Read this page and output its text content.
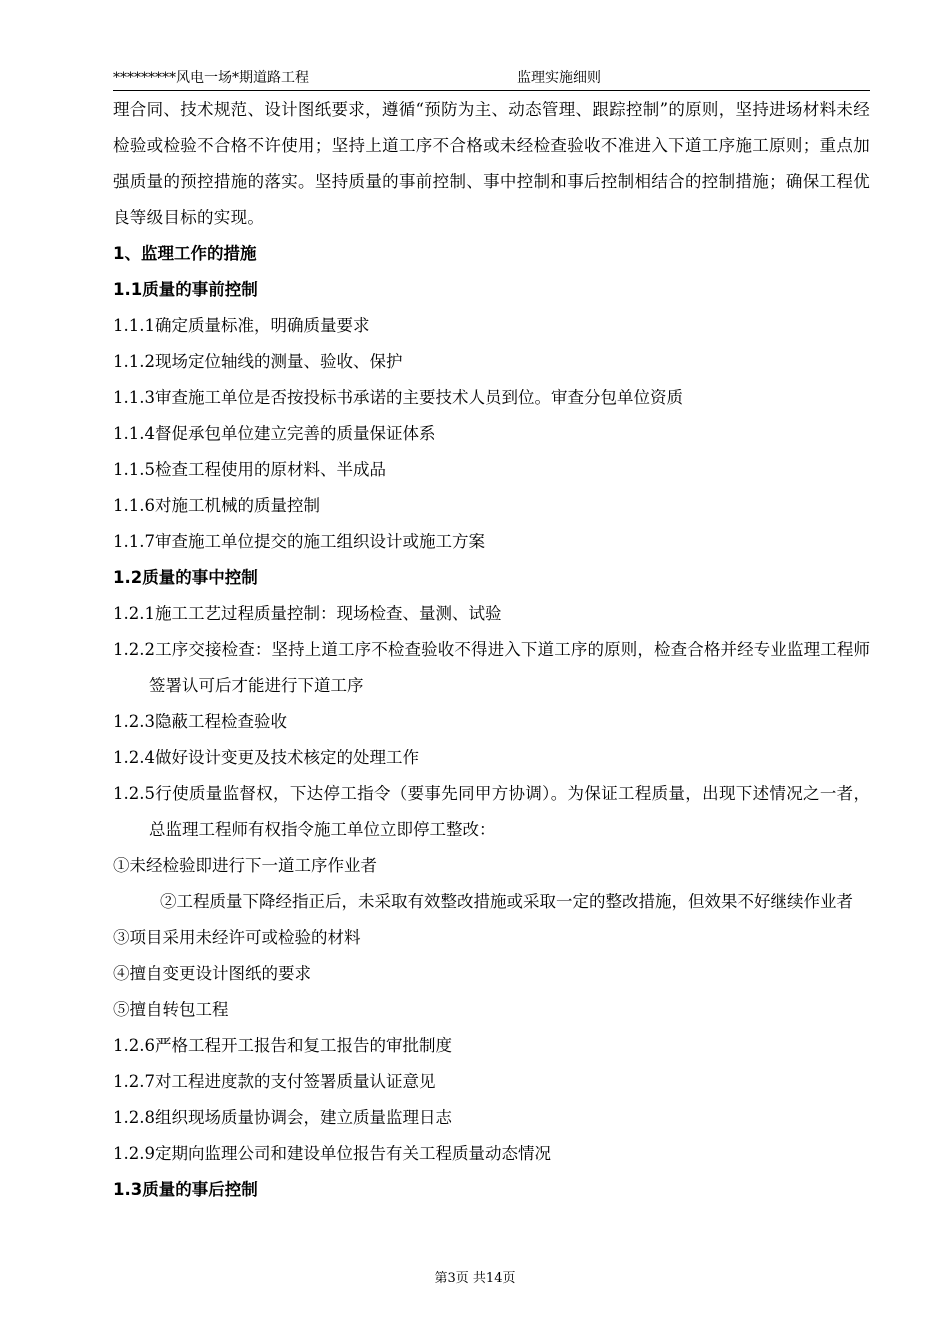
*********风电一场*期道路工程	监理实施细则

理合同、技术规范、设计图纸要求，遵循“预防为主、动态管理、跟踪控制”的原则，坚持进场材料未经检验或检验不合格不许使用；坚持上道工序不合格或未经检查验收不准进入下道工序施工原则；重点加强质量的预控措施的落实。坚持质量的事前控制、事中控制和事后控制相结合的控制措施；确保工程优良等级目标的实现。

1、监理工作的措施

1.1质量的事前控制

1.1.1确定质量标准，明确质量要求

1.1.2现场定位轴线的测量、验收、保护

1.1.3审查施工单位是否按投标书承诺的主要技术人员到位。审查分包单位资质

1.1.4督促承包单位建立完善的质量保证体系

1.1.5检查工程使用的原材料、半成品

1.1.6对施工机械的质量控制

1.1.7审查施工单位提交的施工组织设计或施工方案

1.2质量的事中控制

1.2.1施工工艺过程质量控制：现场检查、量测、试验

1.2.2工序交接检查：坚持上道工序不检查验收不得进入下道工序的原则，检查合格并经专业监理工程师签署认可后才能进行下道工序

1.2.3隐蔽工程检查验收

1.2.4做好设计变更及技术核定的处理工作

1.2.5行使质量监督权，下达停工指令（要事先同甲方协调）。为保证工程质量，出现下述情况之一者，总监理工程师有权指令施工单位立即停工整改：

①未经检验即进行下一道工序作业者

②工程质量下降经指正后，未采取有效整改措施或采取一定的整改措施，但效果不好继续作业者

③项目采用未经许可或检验的材料

④擅自变更设计图纸的要求

⑤擅自转包工程

1.2.6严格工程开工报告和复工报告的审批制度

1.2.7对工程进度款的支付签署质量认证意见

1.2.8组织现场质量协调会，建立质量监理日志

1.2.9定期向监理公司和建设单位报告有关工程质量动态情况

1.3质量的事后控制

第3页 共14页
